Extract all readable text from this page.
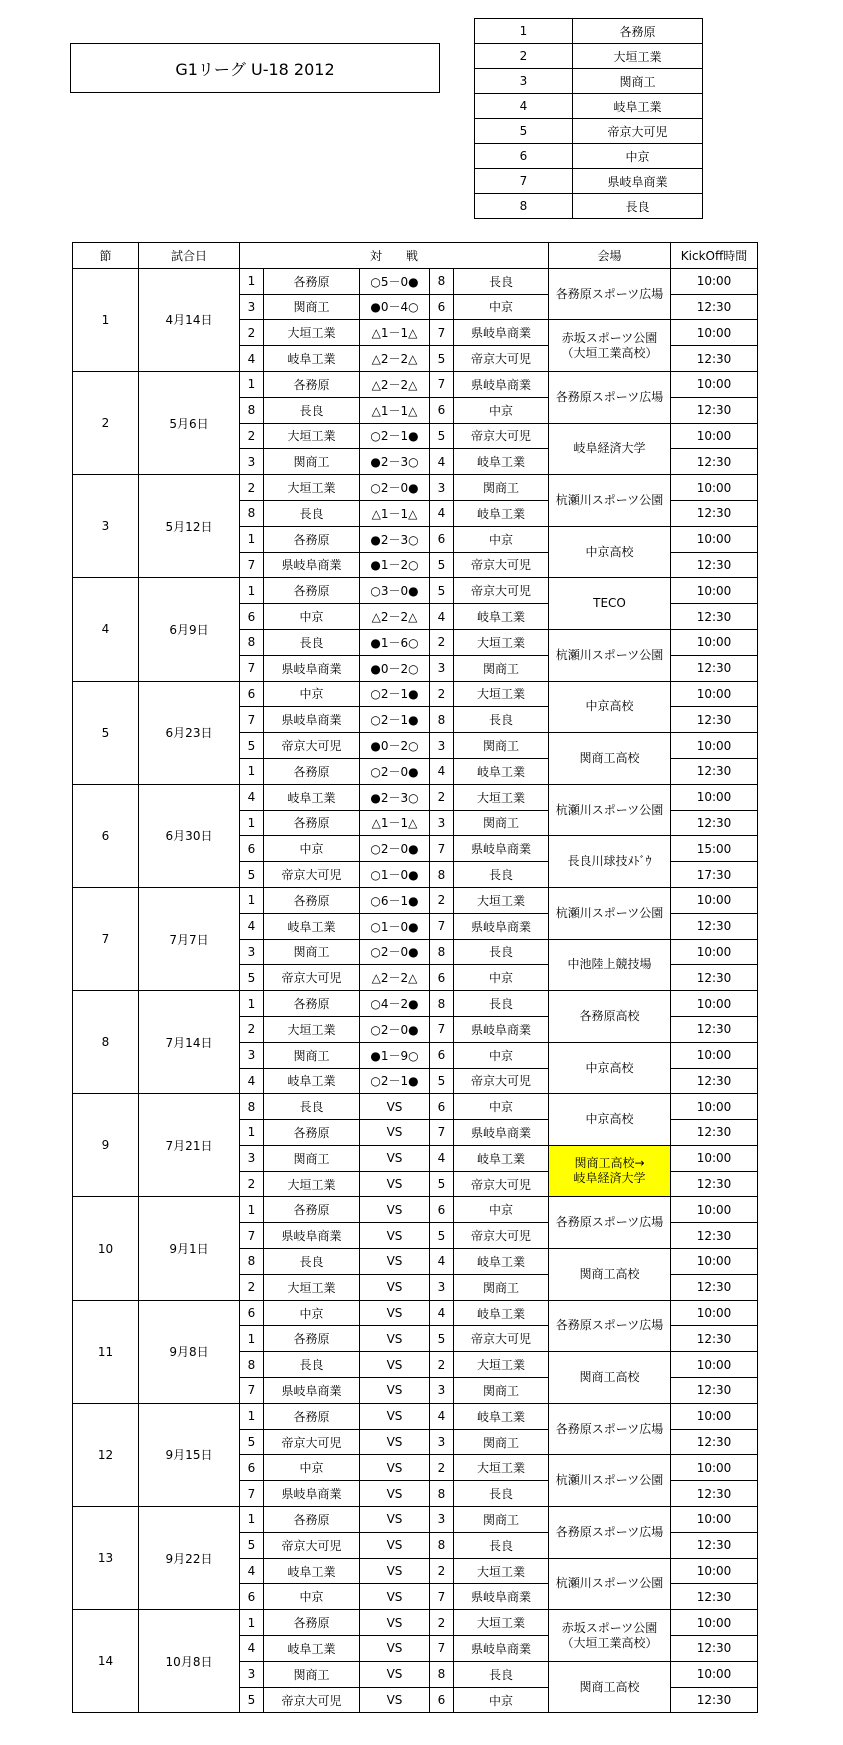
G1リーグ U-18 2012
1	各務原
2	大垣工業
3	関商工
4	岐阜工業
5	帝京大可児
6	中京
7	県岐阜商業
8	長良
節	試合日	対　　戦					会場	KickOff時間
1	4月14日	1	各務原	○5－0●	8	長良	各務原スポーツ広場	10:00
		3	関商工	●0－4○	6	中京		12:30
		2	大垣工業	△1－1△	7	県岐阜商業	赤坂スポーツ公園
（大垣工業高校）	10:00
		4	岐阜工業	△2－2△	5	帝京大可児		12:30
2	5月6日	1	各務原	△2－2△	7	県岐阜商業	各務原スポーツ広場	10:00
		8	長良	△1－1△	6	中京		12:30
		2	大垣工業	○2－1●	5	帝京大可児	岐阜経済大学	10:00
		3	関商工	●2－3○	4	岐阜工業		12:30
3	5月12日	2	大垣工業	○2－0●	3	関商工	杭瀬川スポーツ公園	10:00
		8	長良	△1－1△	4	岐阜工業		12:30
		1	各務原	●2－3○	6	中京	中京高校	10:00
		7	県岐阜商業	●1－2○	5	帝京大可児		12:30
4	6月9日	1	各務原	○3－0●	5	帝京大可児	TECO	10:00
		6	中京	△2－2△	4	岐阜工業		12:30
		8	長良	●1－6○	2	大垣工業	杭瀬川スポーツ公園	10:00
		7	県岐阜商業	●0－2○	3	関商工		12:30
5	6月23日	6	中京	○2－1●	2	大垣工業	中京高校	10:00
		7	県岐阜商業	○2－1●	8	長良		12:30
		5	帝京大可児	●0－2○	3	関商工	関商工高校	10:00
		1	各務原	○2－0●	4	岐阜工業		12:30
6	6月30日	4	岐阜工業	●2－3○	2	大垣工業	杭瀬川スポーツ公園	10:00
		1	各務原	△1－1△	3	関商工		12:30
		6	中京	○2－0●	7	県岐阜商業	長良川球技ﾒﾄﾞｳ	15:00
		5	帝京大可児	○1－0●	8	長良		17:30
7	7月7日	1	各務原	○6－1●	2	大垣工業	杭瀬川スポーツ公園	10:00
		4	岐阜工業	○1－0●	7	県岐阜商業		12:30
		3	関商工	○2－0●	8	長良	中池陸上競技場	10:00
		5	帝京大可児	△2－2△	6	中京		12:30
8	7月14日	1	各務原	○4－2●	8	長良	各務原高校	10:00
		2	大垣工業	○2－0●	7	県岐阜商業		12:30
		3	関商工	●1－9○	6	中京	中京高校	10:00
		4	岐阜工業	○2－1●	5	帝京大可児		12:30
9	7月21日	8	長良	VS	6	中京	中京高校	10:00
		1	各務原	VS	7	県岐阜商業		12:30
		3	関商工	VS	4	岐阜工業	関商工高校→
岐阜経済大学	10:00
		2	大垣工業	VS	5	帝京大可児		12:30
10	9月1日	1	各務原	VS	6	中京	各務原スポーツ広場	10:00
		7	県岐阜商業	VS	5	帝京大可児		12:30
		8	長良	VS	4	岐阜工業	関商工高校	10:00
		2	大垣工業	VS	3	関商工		12:30
11	9月8日	6	中京	VS	4	岐阜工業	各務原スポーツ広場	10:00
		1	各務原	VS	5	帝京大可児		12:30
		8	長良	VS	2	大垣工業	関商工高校	10:00
		7	県岐阜商業	VS	3	関商工		12:30
12	9月15日	1	各務原	VS	4	岐阜工業	各務原スポーツ広場	10:00
		5	帝京大可児	VS	3	関商工		12:30
		6	中京	VS	2	大垣工業	杭瀬川スポーツ公園	10:00
		7	県岐阜商業	VS	8	長良		12:30
13	9月22日	1	各務原	VS	3	関商工	各務原スポーツ広場	10:00
		5	帝京大可児	VS	8	長良		12:30
		4	岐阜工業	VS	2	大垣工業	杭瀬川スポーツ公園	10:00
		6	中京	VS	7	県岐阜商業		12:30
14	10月8日	1	各務原	VS	2	大垣工業	赤坂スポーツ公園
（大垣工業高校）	10:00
		4	岐阜工業	VS	7	県岐阜商業		12:30
		3	関商工	VS	8	長良	関商工高校	10:00
		5	帝京大可児	VS	6	中京		12:30
